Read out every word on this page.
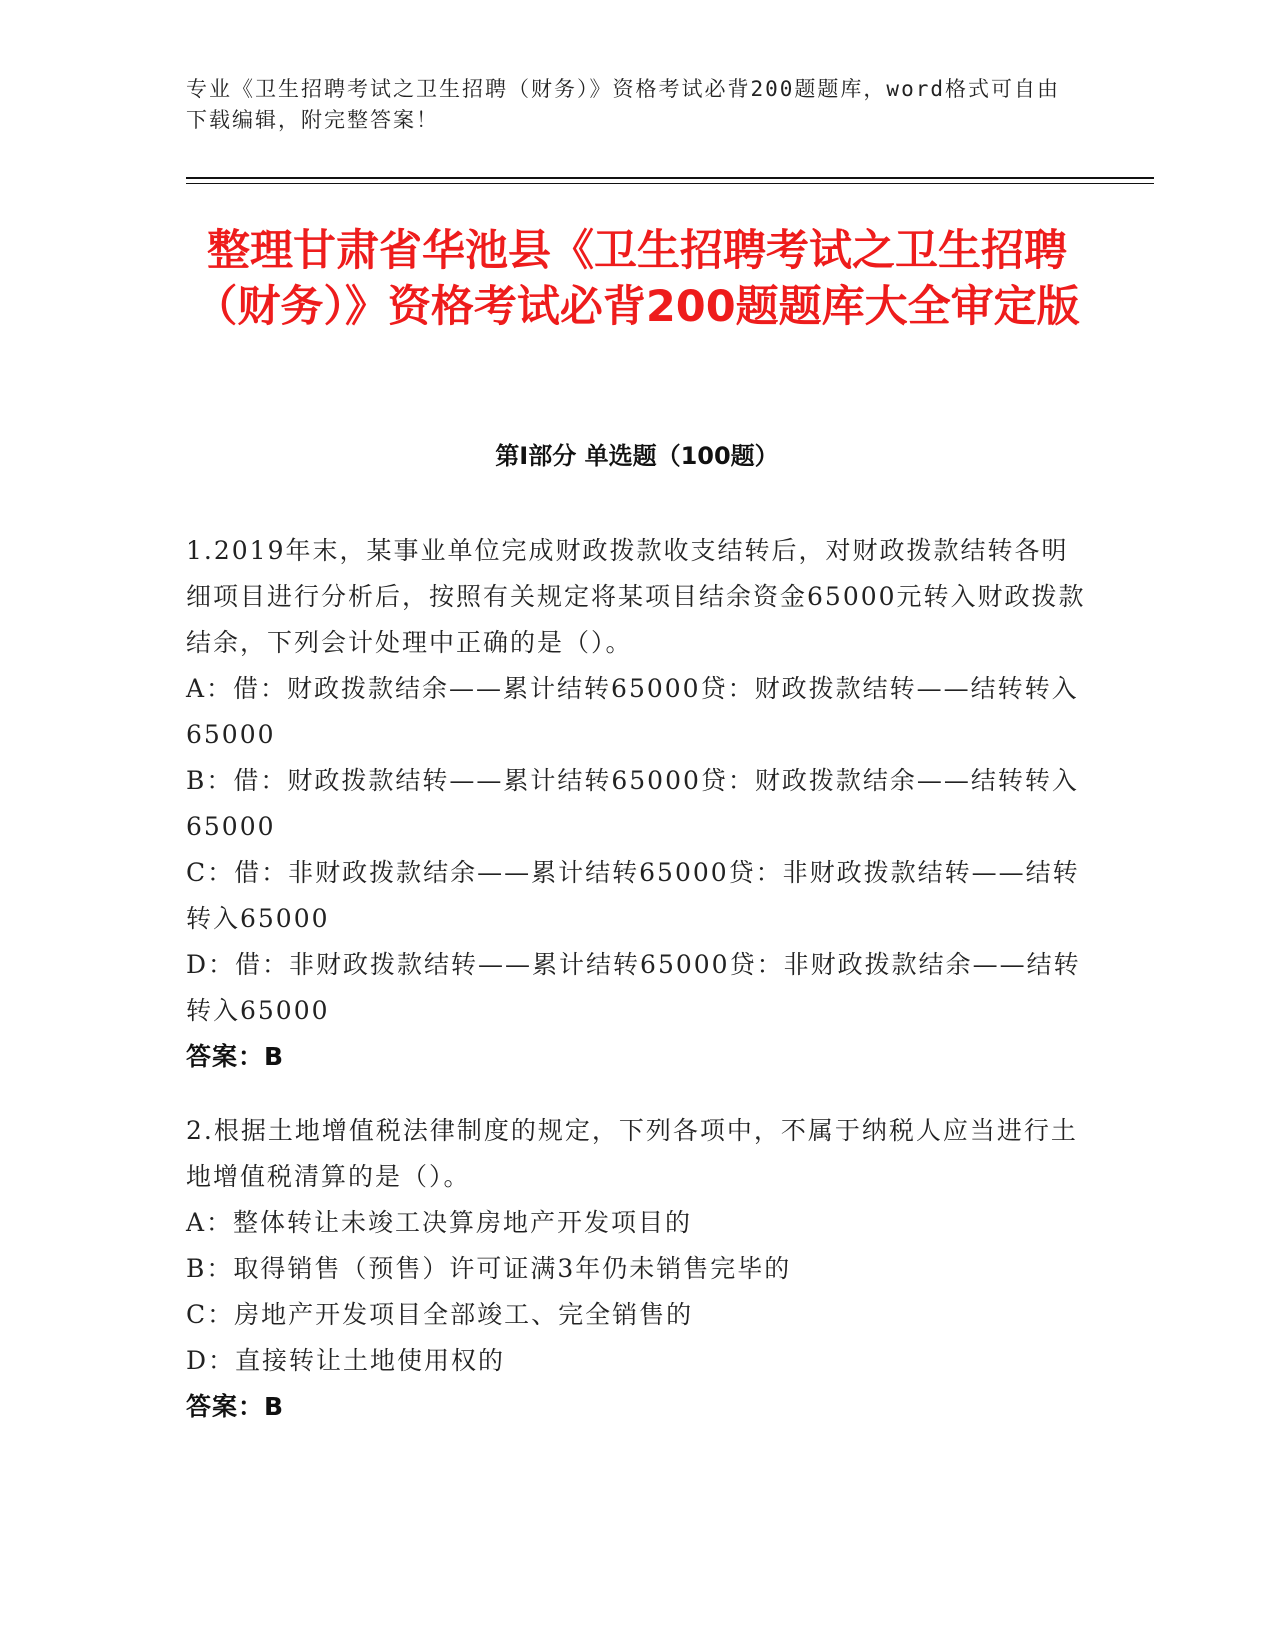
专业《卫生招聘考试之卫生招聘（财务）》资格考试必背200题题库，word格式可自由下载编辑，附完整答案！
整理甘肃省华池县《卫生招聘考试之卫生招聘（财务）》资格考试必背200题题库大全审定版
第I部分 单选题（100题）

1.2019年末，某事业单位完成财政拨款收支结转后，对财政拨款结转各明细项目进行分析后，按照有关规定将某项目结余资金65000元转入财政拨款结余，下列会计处理中正确的是（）。

A：借：财政拨款结余——累计结转65000贷：财政拨款结转——结转转入65000

B：借：财政拨款结转——累计结转65000贷：财政拨款结余——结转转入65000

C：借：非财政拨款结余——累计结转65000贷：非财政拨款结转——结转转入65000

D：借：非财政拨款结转——累计结转65000贷：非财政拨款结余——结转转入65000

答案：B

2.根据土地增值税法律制度的规定，下列各项中，不属于纳税人应当进行土地增值税清算的是（）。

A：整体转让未竣工决算房地产开发项目的

B：取得销售（预售）许可证满3年仍未销售完毕的

C：房地产开发项目全部竣工、完全销售的

D：直接转让土地使用权的

答案：B
